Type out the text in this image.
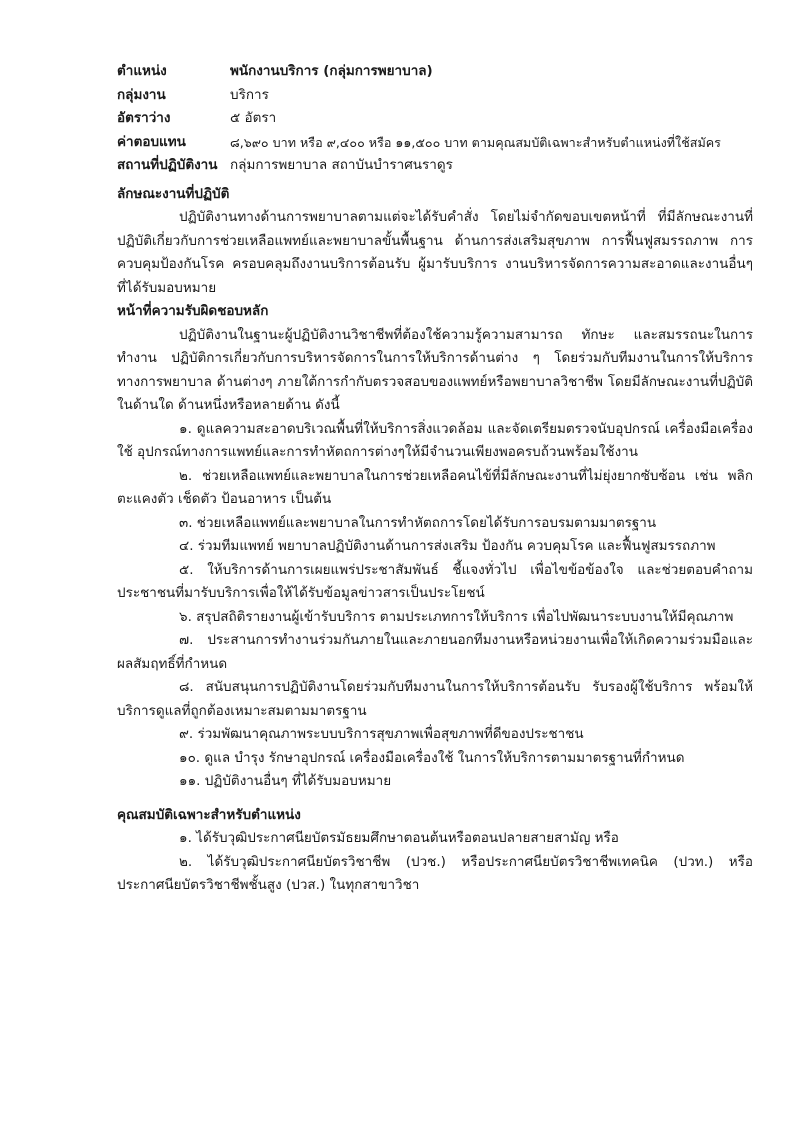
ตำแหน่ง	พนักงานบริการ (กลุ่มการพยาบาล)
กลุ่มงาน	บริการ
อัตราว่าง	๕ อัตรา
ค่าตอบแทน	๘,๖๙๐ บาท หรือ ๙,๔๐๐ หรือ ๑๑,๕๐๐ บาท ตามคุณสมบัติเฉพาะสำหรับตำแหน่งที่ใช้สมัคร
สถานที่ปฏิบัติงาน กลุ่มการพยาบาล สถาบันบำราศนราดูร
ลักษณะงานที่ปฏิบัติ

ปฏิบัติงานทางด้านการพยาบาลตามแต่จะได้รับคำสั่ง โดยไม่จำกัดขอบเขตหน้าที่ ที่มีลักษณะงานที่ปฏิบัติเกี่ยวกับการช่วยเหลือแพทย์และพยาบาลขั้นพื้นฐาน ด้านการส่งเสริมสุขภาพ การฟื้นฟูสมรรถภาพ การควบคุมป้องกันโรค ครอบคลุมถึงงานบริการต้อนรับ ผู้มารับบริการ งานบริหารจัดการความสะอาดและงานอื่นๆ ที่ได้รับมอบหมาย

หน้าที่ความรับผิดชอบหลัก

ปฏิบัติงานในฐานะผู้ปฏิบัติงานวิชาชีพที่ต้องใช้ความรู้ความสามารถ ทักษะ และสมรรถนะในการทำงาน ปฏิบัติการเกี่ยวกับการบริหารจัดการในการให้บริการด้านต่าง ๆ โดยร่วมกับทีมงานในการให้บริการทางการพยาบาล ด้านต่างๆ ภายใต้การกำกับตรวจสอบของแพทย์หรือพยาบาลวิชาชีพ โดยมีลักษณะงานที่ปฏิบัติในด้านใด ด้านหนึ่งหรือหลายด้าน ดังนี้

๑. ดูแลความสะอาดบริเวณพื้นที่ให้บริการสิ่งแวดล้อม และจัดเตรียมตรวจนับอุปกรณ์ เครื่องมือเครื่องใช้ อุปกรณ์ทางการแพทย์และการทำหัตถการต่างๆให้มีจำนวนเพียงพอครบถ้วนพร้อมใช้งาน

๒. ช่วยเหลือแพทย์และพยาบาลในการช่วยเหลือคนไข้ที่มีลักษณะงานที่ไม่ยุ่งยากซับซ้อน เช่น พลิกตะแคงตัว เช็ดตัว ป้อนอาหาร เป็นต้น

๓. ช่วยเหลือแพทย์และพยาบาลในการทำหัตถการโดยได้รับการอบรมตามมาตรฐาน

๔. ร่วมทีมแพทย์ พยาบาลปฏิบัติงานด้านการส่งเสริม ป้องกัน ควบคุมโรค และฟื้นฟูสมรรถภาพ

๕. ให้บริการด้านการเผยแพร่ประชาสัมพันธ์ ชี้แจงทั่วไป เพื่อไขข้อข้องใจ และช่วยตอบคำถามประชาชนที่มารับบริการเพื่อให้ได้รับข้อมูลข่าวสารเป็นประโยชน์

๖. สรุปสถิติรายงานผู้เข้ารับบริการ ตามประเภทการให้บริการ เพื่อไปพัฒนาระบบงานให้มีคุณภาพ

๗. ประสานการทำงานร่วมกันภายในและภายนอกทีมงานหรือหน่วยงานเพื่อให้เกิดความร่วมมือและผลสัมฤทธิ์ที่กำหนด

๘. สนับสนุนการปฏิบัติงานโดยร่วมกับทีมงานในการให้บริการต้อนรับ รับรองผู้ใช้บริการ พร้อมให้บริการดูแลที่ถูกต้องเหมาะสมตามมาตรฐาน

๙. ร่วมพัฒนาคุณภาพระบบบริการสุขภาพเพื่อสุขภาพที่ดีของประชาชน

๑๐. ดูแล บำรุง รักษาอุปกรณ์ เครื่องมือเครื่องใช้ ในการให้บริการตามมาตรฐานที่กำหนด

๑๑. ปฏิบัติงานอื่นๆ ที่ได้รับมอบหมาย

คุณสมบัติเฉพาะสำหรับตำแหน่ง

๑. ได้รับวุฒิประกาศนียบัตรมัธยมศึกษาตอนต้นหรือตอนปลายสายสามัญ หรือ

๒. ได้รับวุฒิประกาศนียบัตรวิชาชีพ (ปวช.) หรือประกาศนียบัตรวิชาชีพเทคนิค (ปวท.) หรือประกาศนียบัตรวิชาชีพชั้นสูง (ปวส.) ในทุกสาขาวิชา
